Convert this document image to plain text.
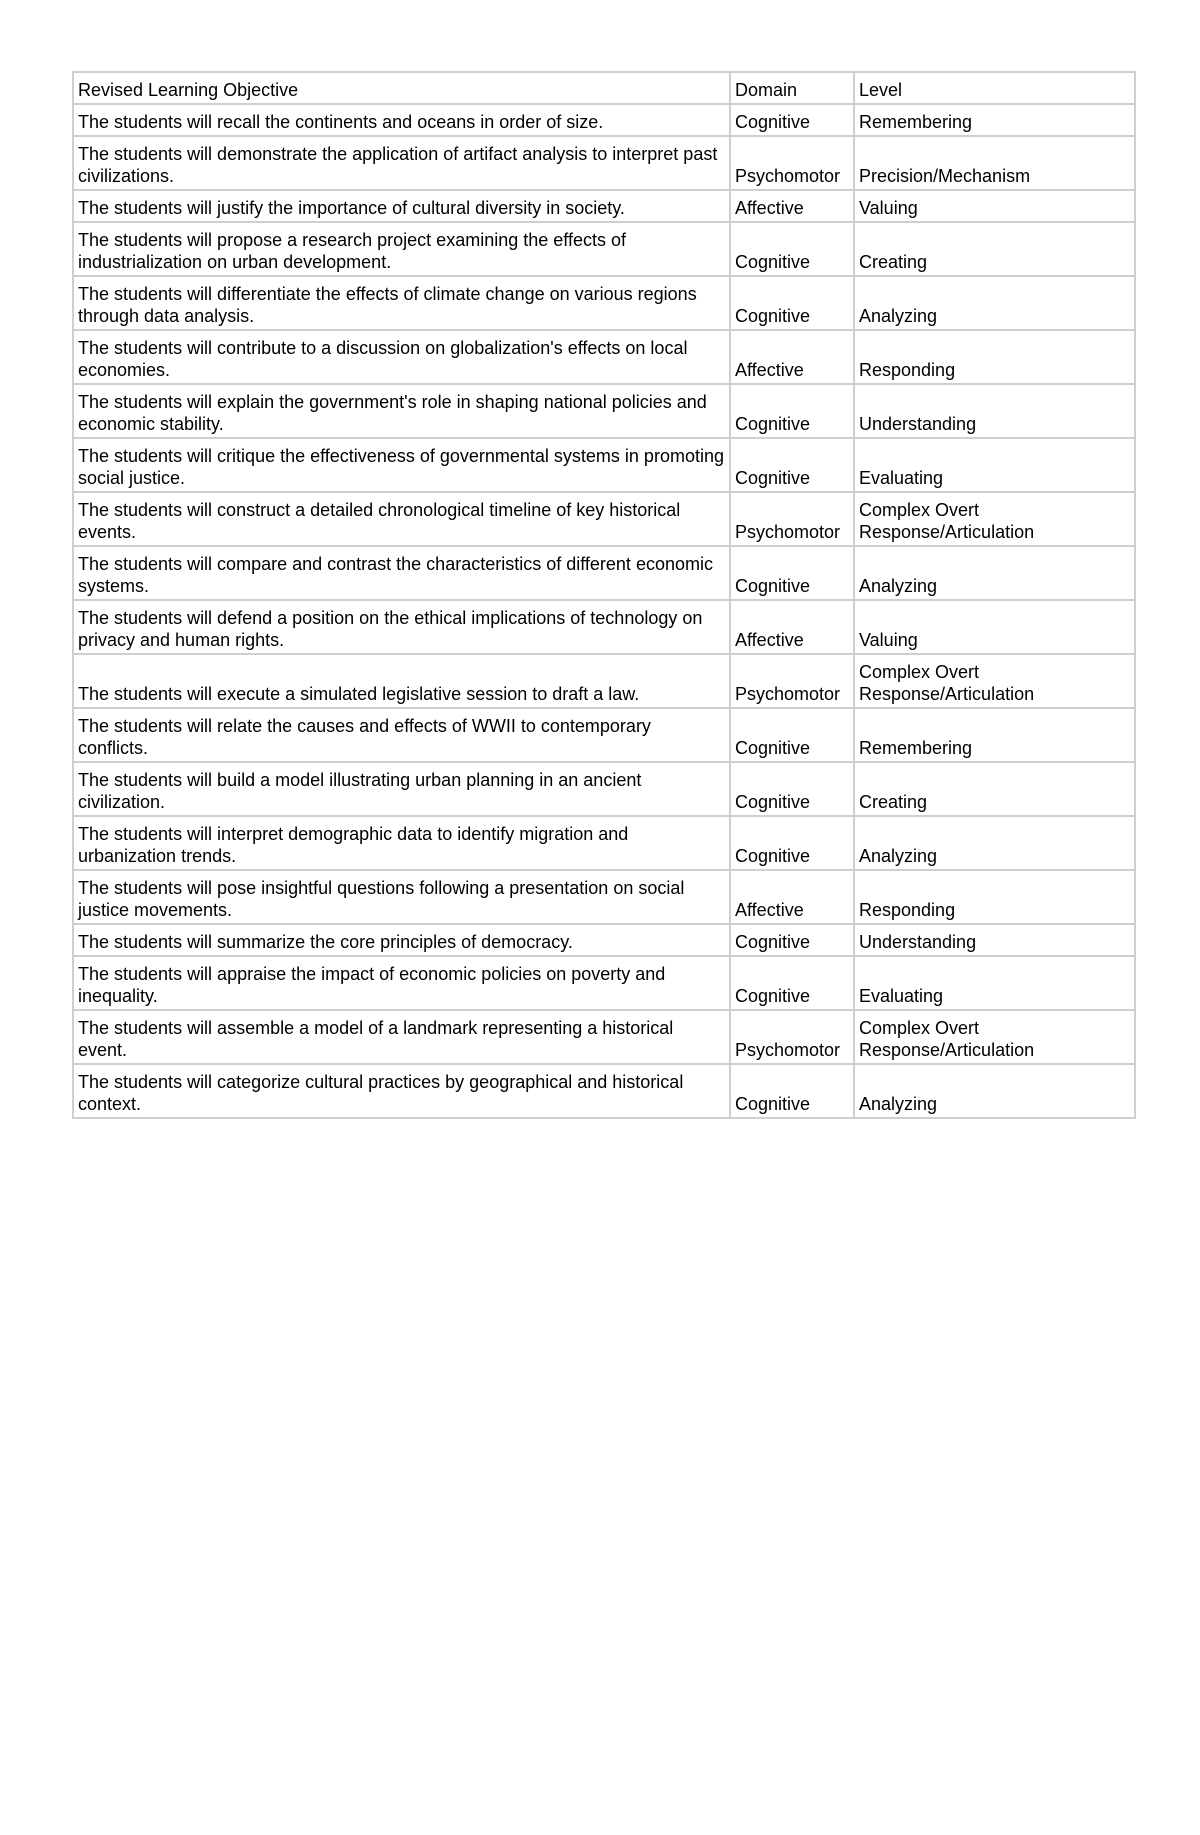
Revised Learning Objective	Domain	Level
The students will recall the continents and oceans in order of size.	Cognitive	Remembering
The students will demonstrate the application of artifact analysis to interpret past civilizations.	Psychomotor	Precision/Mechanism
The students will justify the importance of cultural diversity in society.	Affective	Valuing
The students will propose a research project examining the effects of industrialization on urban development.	Cognitive	Creating
The students will differentiate the effects of climate change on various regions through data analysis.	Cognitive	Analyzing
The students will contribute to a discussion on globalization's effects on local economies.	Affective	Responding
The students will explain the government's role in shaping national policies and economic stability.	Cognitive	Understanding
The students will critique the effectiveness of governmental systems in promoting social justice.	Cognitive	Evaluating
The students will construct a detailed chronological timeline of key historical events.	Psychomotor	Complex Overt Response/Articulation
The students will compare and contrast the characteristics of different economic systems.	Cognitive	Analyzing
The students will defend a position on the ethical implications of technology on privacy and human rights.	Affective	Valuing
The students will execute a simulated legislative session to draft a law.	Psychomotor	Complex Overt Response/Articulation
The students will relate the causes and effects of WWII to contemporary conflicts.	Cognitive	Remembering
The students will build a model illustrating urban planning in an ancient civilization.	Cognitive	Creating
The students will interpret demographic data to identify migration and urbanization trends.	Cognitive	Analyzing
The students will pose insightful questions following a presentation on social justice movements.	Affective	Responding
The students will summarize the core principles of democracy.	Cognitive	Understanding
The students will appraise the impact of economic policies on poverty and inequality.	Cognitive	Evaluating
The students will assemble a model of a landmark representing a historical event.	Psychomotor	Complex Overt Response/Articulation
The students will categorize cultural practices by geographical and historical context.	Cognitive	Analyzing
